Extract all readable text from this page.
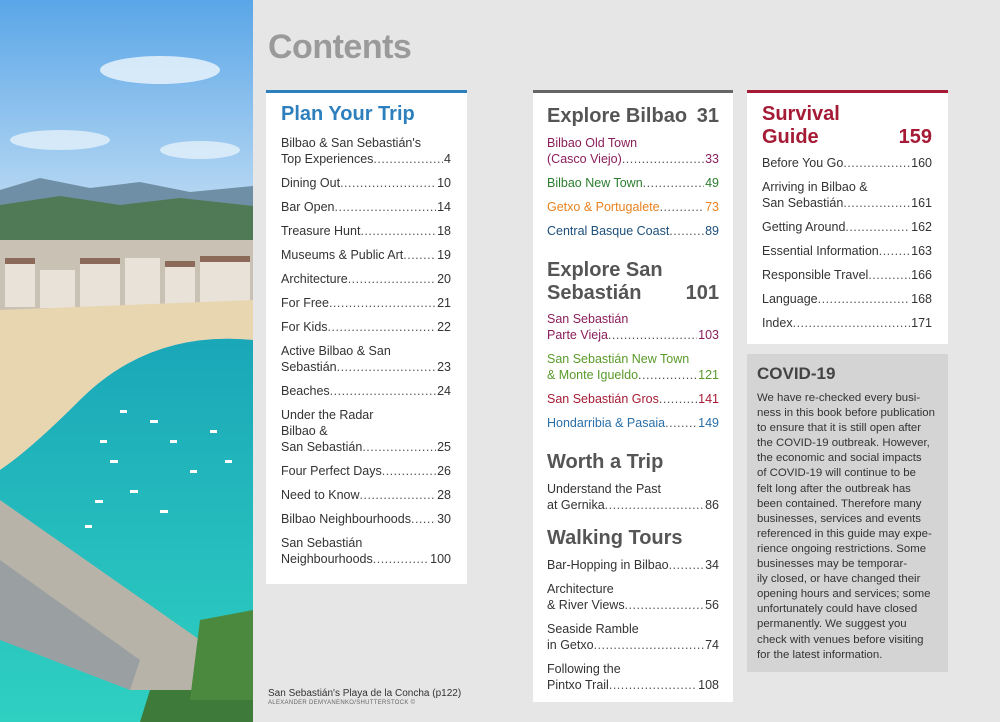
Contents
Plan Your Trip
Bilbao & San Sebastián's
Top Experiences .....	4
Dining Out .....	10
Bar Open .....	14
Treasure Hunt .....	18
Museums & Public Art .....	19
Architecture .....	20
For Free .....	21
For Kids .....	22
Active Bilbao & San
Sebastián .....	23
Beaches .....	24
Under the Radar
Bilbao &
San Sebastián .....	25
Four Perfect Days .....	26
Need to Know .....	28
Bilbao Neighbourhoods ..... 30
San Sebastián
Neighbourhoods .....	100
Explore Bilbao 31
Bilbao Old Town
(Casco Viejo) .....	33
Bilbao New Town .....	49
Getxo & Portugalete .....	73
Central Basque Coast .....	89
Explore San
Sebastián 101
San Sebastián
Parte Vieja .....	103
San Sebastián New Town
& Monte Igueldo .....	121
San Sebastián Gros .....	141
Hondarribia & Pasaia .....	149
Worth a Trip
Understand the Past
at Gernika .....	86
Walking Tours
Bar-Hopping in Bilbao .....	34
Architecture
& River Views .....	56
Seaside Ramble
in Getxo .....	74
Following the
Pintxo Trail .....	108
Survival
Guide	159
Before You Go .....	160
Arriving in Bilbao &
San Sebastián .....	161
Getting Around .....	162
Essential Information .....	163
Responsible Travel .....	166
Language .....	168
Index .....	171
COVID-19

We have re-checked every busi-
ness in this book before publication
to ensure that it is still open after
the COVID-19 outbreak. However,
the economic and social impacts
of COVID-19 will continue to be
felt long after the outbreak has
been contained. Therefore many
businesses, services and events
referenced in this guide may expe-
rience ongoing restrictions. Some
businesses may be temporar-
ily closed, or have changed their
opening hours and services; some
unfortunately could have closed
permanently. We suggest you
check with venues before visiting
for the latest information.

San Sebastián's Playa de la Concha (p122)
ALEXANDER DEMYANENKO/SHUTTERSTOCK ©
